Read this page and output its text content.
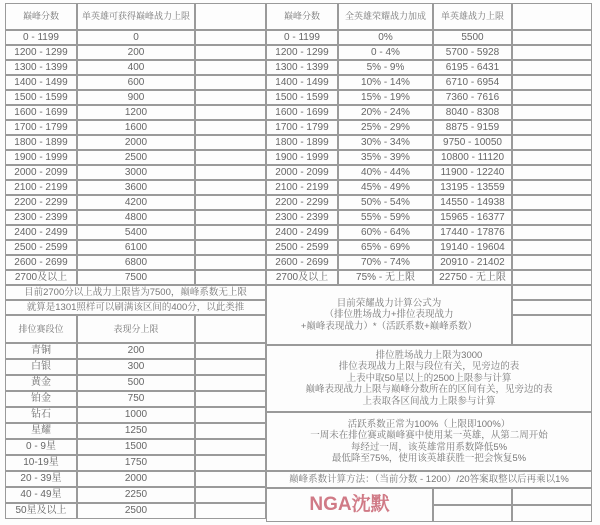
巅峰分数	单英雄可获得巅峰战力上限
0 - 1199	0
1200 - 1299	200
1300 - 1399	400
1400 - 1499	600
1500 - 1599	900
1600 - 1699	1200
1700 - 1799	1600
1800 - 1899	2000
1900 - 1999	2500
2000 - 2099	3000
2100 - 2199	3600
2200 - 2299	4200
2300 - 2399	4800
2400 - 2499	5400
2500 - 2599	6100
2600 - 2699	6800
2700及以上	7500
巅峰分数	全英雄荣耀战力加成	单英雄战力上限
0 - 1199	0%	5500
1200 - 1299	0 - 4%	5700 - 5928
1300 - 1399	5% - 9%	6195 - 6431
1400 - 1499	10% - 14%	6710 - 6954
1500 - 1599	15% - 19%	7360 - 7616
1600 - 1699	20% - 24%	8040 - 8308
1700 - 1799	25% - 29%	8875 - 9159
1800 - 1899	30% - 34%	9750 - 10050
1900 - 1999	35% - 39%	10800 - 11120
2000 - 2099	40% - 44%	11900 - 12240
2100 - 2199	45% - 49%	13195 - 13559
2200 - 2299	50% - 54%	14550 - 14938
2300 - 2399	55% - 59%	15965 - 16377
2400 - 2499	60% - 64%	17440 - 17876
2500 - 2599	65% - 69%	19140 - 19604
2600 - 2699	70% - 74%	20910 - 21402
2700及以上	75% - 无上限	22750 - 无上限
目前2700分以上战力上限皆为7500，巅峰系数无上限
就算是1301照样可以刷满该区间的400分，以此类推
排位赛段位	表现分上限
青铜	200
白银	300
黄金	500
铂金	750
钻石	1000
星耀	1250
0 - 9星	1500
10-19星	1750
20 - 39星	2000
40 - 49星	2250
50星及以上	2500
目前荣耀战力计算公式为
（排位胜场战力+排位表现战力
+巅峰表现战力）*（活跃系数+巅峰系数）
排位胜场战力上限为3000
排位表现战力上限与段位有关，见旁边的表
上表中取50星以上的2500上限参与计算
巅峰表现战力上限与巅峰分数所在的区间有关，见旁边的表
上表取各区间战力上限参与计算
活跃系数正常为100%（上限即100%）
一周未在排位赛或巅峰赛中使用某一英雄，从第二周开始
每经过一周，该英雄常用系数降低5%
最低降至75%，使用该英雄获胜一把会恢复5%
巅峰系数计算方法：（当前分数 - 1200）/20答案取整以后再乘以1%
NGA沈默
